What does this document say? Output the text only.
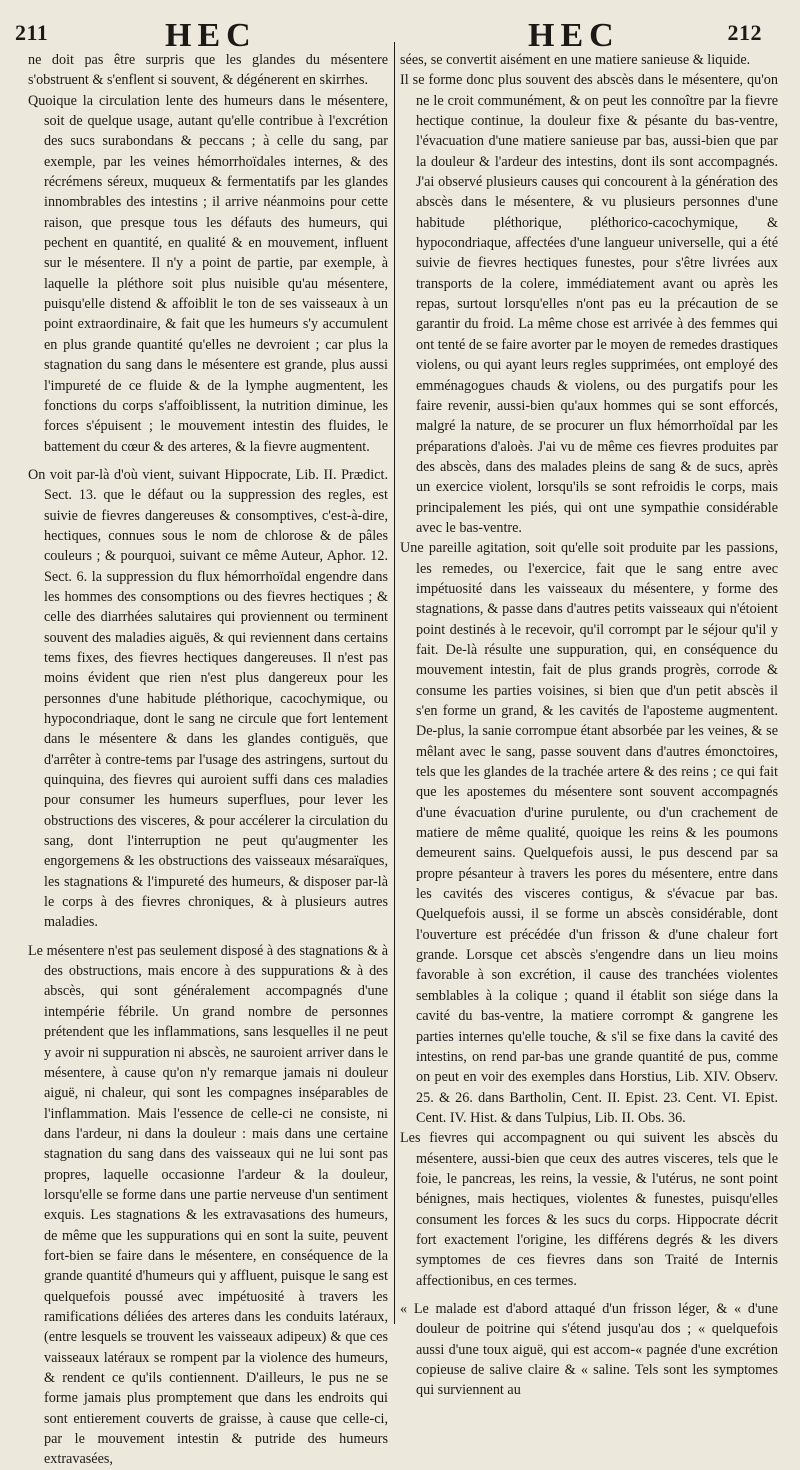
211	HEC	HEC	212

ne doit pas être surpris que les glandes du mésentere s'obstruent & s'enflent si souvent, & dégénerent en skirrhes.

Quoique la circulation lente des humeurs dans le mésentere, soit de quelque usage, autant qu'elle contribue à l'excrétion des sucs surabondans & peccans ; à celle du sang, par exemple, par les veines hémorrhoïdales internes, & des récrémens séreux, muqueux & fermentatifs par les glandes innombrables des intestins ; il arrive néanmoins pour cette raison, que presque tous les défauts des humeurs, qui pechent en quantité, en qualité & en mouvement, influent sur le mésentere. Il n'y a point de partie, par exemple, à laquelle la pléthore soit plus nuisible qu'au mésentere, puisqu'elle distend & affoiblit le ton de ses vaisseaux à un point extraordinaire, & fait que les humeurs s'y accumulent en plus grande quantité qu'elles ne devroient ; car plus la stagnation du sang dans le mésentere est grande, plus aussi l'impureté de ce fluide & de la lymphe augmentent, les fonctions du corps s'affoiblissent, la nutrition diminue, les forces s'épuisent ; le mouvement intestin des fluides, le battement du cœur & des arteres, & la fievre augmentent.

On voit par-là d'où vient, suivant Hippocrate, Lib. II. Prædict. Sect. 13. que le défaut ou la suppression des regles, est suivie de fievres dangereuses & consomptives, c'est-à-dire, hectiques, connues sous le nom de chlorose & de pâles couleurs ; & pourquoi, suivant ce même Auteur, Aphor. 12. Sect. 6. la suppression du flux hémorrhoïdal engendre dans les hommes des consomptions ou des fievres hectiques ; & celle des diarrhées salutaires qui proviennent ou terminent souvent des maladies aiguës, & qui reviennent dans certains tems fixes, des fievres hectiques dangereuses. Il n'est pas moins évident que rien n'est plus dangereux pour les personnes d'une habitude pléthorique, cacochymique, ou hypocondriaque, dont le sang ne circule que fort lentement dans le mésentere & dans les glandes contiguës, que d'arrêter à contre-tems par l'usage des astringens, surtout du quinquina, des fievres qui auroient suffi dans ces maladies pour consumer les humeurs superflues, pour lever les obstructions des visceres, & pour accélerer la circulation du sang, dont l'interruption ne peut qu'augmenter les engorgemens & les obstructions des vaisseaux mésaraïques, les stagnations & l'impureté des humeurs, & disposer par-là le corps à des fievres chroniques, & à plusieurs autres maladies.

Le mésentere n'est pas seulement disposé à des stagnations & à des obstructions, mais encore à des suppurations & à des abscès, qui sont généralement accompagnés d'une intempérie fébrile. Un grand nombre de personnes prétendent que les inflammations, sans lesquelles il ne peut y avoir ni suppuration ni abscès, ne sauroient arriver dans le mésentere, à cause qu'on n'y remarque jamais ni douleur aiguë, ni chaleur, qui sont les compagnes inséparables de l'inflammation. Mais l'essence de celle-ci ne consiste, ni dans l'ardeur, ni dans la douleur : mais dans une certaine stagnation du sang dans des vaisseaux qui ne lui sont pas propres, laquelle occasionne l'ardeur & la douleur, lorsqu'elle se forme dans une partie nerveuse d'un sentiment exquis. Les stagnations & les extravasations des humeurs, de même que les suppurations qui en sont la suite, peuvent fort-bien se faire dans le mésentere, en conséquence de la grande quantité d'humeurs qui y affluent, puisque le sang est quelquefois poussé avec impétuosité à travers les ramifications déliées des arteres dans les conduits latéraux, (entre lesquels se trouvent les vaisseaux adipeux) & que ces vaisseaux latéraux se rompent par la violence des humeurs, & rendent ce qu'ils contiennent. D'ailleurs, le pus ne se forme jamais plus promptement que dans les endroits qui sont entierement couverts de graisse, à cause que celle-ci, par le mouvement intestin & putride des humeurs extravasées,

sées, se convertit aisément en une matiere sanieuse & liquide.

Il se forme donc plus souvent des abscès dans le mésentere, qu'on ne le croit communément, & on peut les connoître par la fievre hectique continue, la douleur fixe & pésante du bas-ventre, l'évacuation d'une matiere sanieuse par bas, aussi-bien que par la douleur & l'ardeur des intestins, dont ils sont accompagnés. J'ai observé plusieurs causes qui concourent à la génération des abscès dans le mésentere, & vu plusieurs personnes d'une habitude pléthorique, pléthorico-cacochymique, & hypocondriaque, affectées d'une langueur universelle, qui a été suivie de fievres hectiques funestes, pour s'être livrées aux transports de la colere, immédiatement avant ou après les repas, surtout lorsqu'elles n'ont pas eu la précaution de se garantir du froid. La même chose est arrivée à des femmes qui ont tenté de se faire avorter par le moyen de remedes drastiques violens, ou qui ayant leurs regles supprimées, ont employé des emménagogues chauds & violens, ou des purgatifs pour les faire revenir, aussi-bien qu'aux hommes qui se sont efforcés, malgré la nature, de se procurer un flux hémorrhoïdal par les préparations d'aloès. J'ai vu de même ces fievres produites par des abscès, dans des malades pleins de sang & de sucs, après un exercice violent, lorsqu'ils se sont refroidis le corps, mais principalement les piés, qui ont une sympathie considérable avec le bas-ventre.

Une pareille agitation, soit qu'elle soit produite par les passions, les remedes, ou l'exercice, fait que le sang entre avec impétuosité dans les vaisseaux du mésentere, y forme des stagnations, & passe dans d'autres petits vaisseaux qui n'étoient point destinés à le recevoir, qu'il corrompt par le séjour qu'il y fait. De-là résulte une suppuration, qui, en conséquence du mouvement intestin, fait de plus grands progrès, corrode & consume les parties voisines, si bien que d'un petit abscès il s'en forme un grand, & les cavités de l'aposteme augmentent. De-plus, la sanie corrompue étant absorbée par les veines, & se mêlant avec le sang, passe souvent dans d'autres émonctoires, tels que les glandes de la trachée artere & des reins ; ce qui fait que les apostemes du mésentere sont souvent accompagnés d'une évacuation d'urine purulente, ou d'un crachement de matiere de même qualité, quoique les reins & les poumons demeurent sains. Quelquefois aussi, le pus descend par sa propre pésanteur à travers les pores du mésentere, entre dans les cavités des visceres contigus, & s'évacue par bas. Quelquefois aussi, il se forme un abscès considérable, dont l'ouverture est précédée d'un frisson & d'une chaleur fort grande. Lorsque cet abscès s'engendre dans un lieu moins favorable à son excrétion, il cause des tranchées violentes semblables à la colique ; quand il établit son siége dans la cavité du bas-ventre, la matiere corrompt & gangrene les parties internes qu'elle touche, & s'il se fixe dans la cavité des intestins, on rend par-bas une grande quantité de pus, comme on peut en voir des exemples dans Horstius, Lib. XIV. Observ. 25. & 26. dans Bartholin, Cent. II. Epist. 23. Cent. VI. Epist. Cent. IV. Hist. & dans Tulpius, Lib. II. Obs. 36.

Les fievres qui accompagnent ou qui suivent les abscès du mésentere, aussi-bien que ceux des autres visceres, tels que le foie, le pancreas, les reins, la vessie, & l'utérus, ne sont point bénignes, mais hectiques, violentes & funestes, puisqu'elles consument les forces & les sucs du corps. Hippocrate décrit fort exactement l'origine, les différens degrés & les divers symptomes de ces fievres dans son Traité de Internis affectionibus, en ces termes.

« Le malade est d'abord attaqué d'un frisson léger, & « d'une douleur de poitrine qui s'étend jusqu'au dos ; « quelquefois aussi d'une toux aiguë, qui est accom-« pagnée d'une excrétion copieuse de salive claire & « saline. Tels sont les symptomes qui surviennent au
